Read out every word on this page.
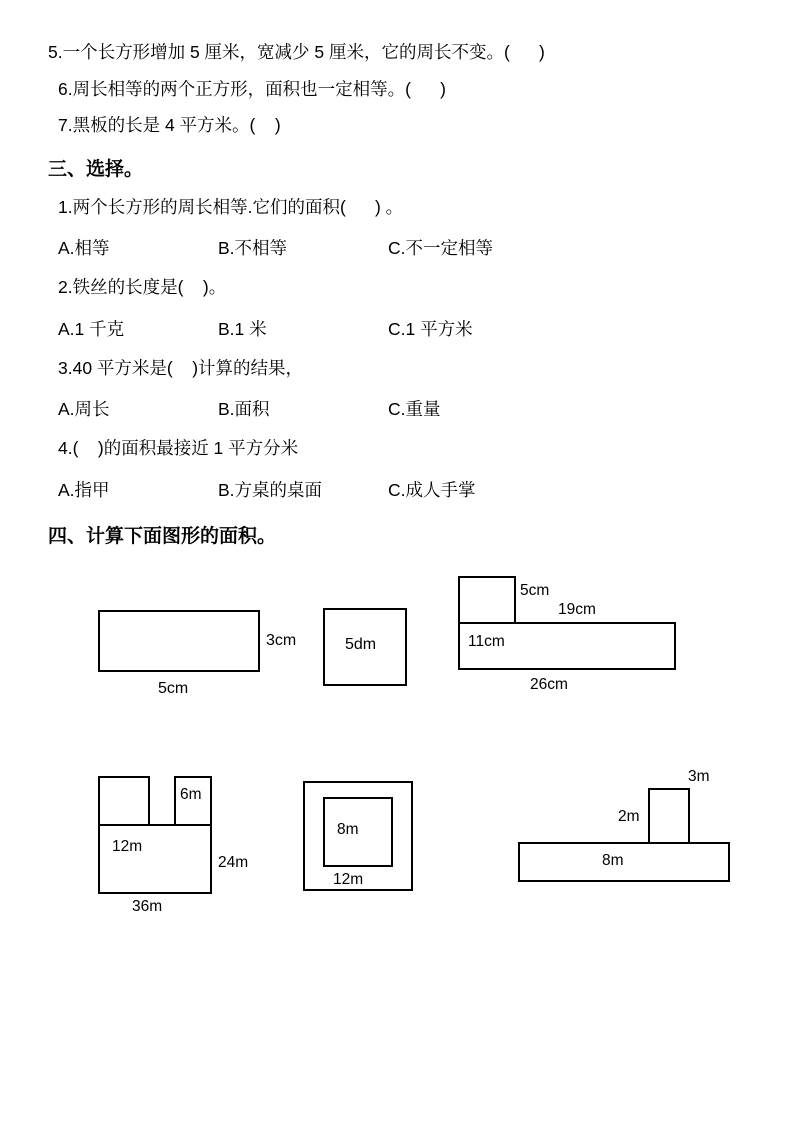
5.一个长方形增加 5 厘米，宽减少 5 厘米，它的周长不变。(      )
6.周长相等的两个正方形，面积也一定相等。(      )
7.黑板的长是 4 平方米。(    )
三、选择。
1.两个长方形的周长相等.它们的面积(      ) 。
A.相等	B.不相等	C.不一定相等
2.铁丝的长度是(    )。
A.1 千克	B.1 米	C.1 平方米
3.40 平方米是(    )计算的结果，
A.周长	B.面积	C.重量
4.(    )的面积最接近 1 平方分米
A.指甲	B.方桌的桌面	C.成人手掌
四、计算下面图形的面积。
3cm
5cm
5dm
5cm
19cm
11cm
26cm
6m
12m
24m
36m
8m
12m
3m
2m
8m
